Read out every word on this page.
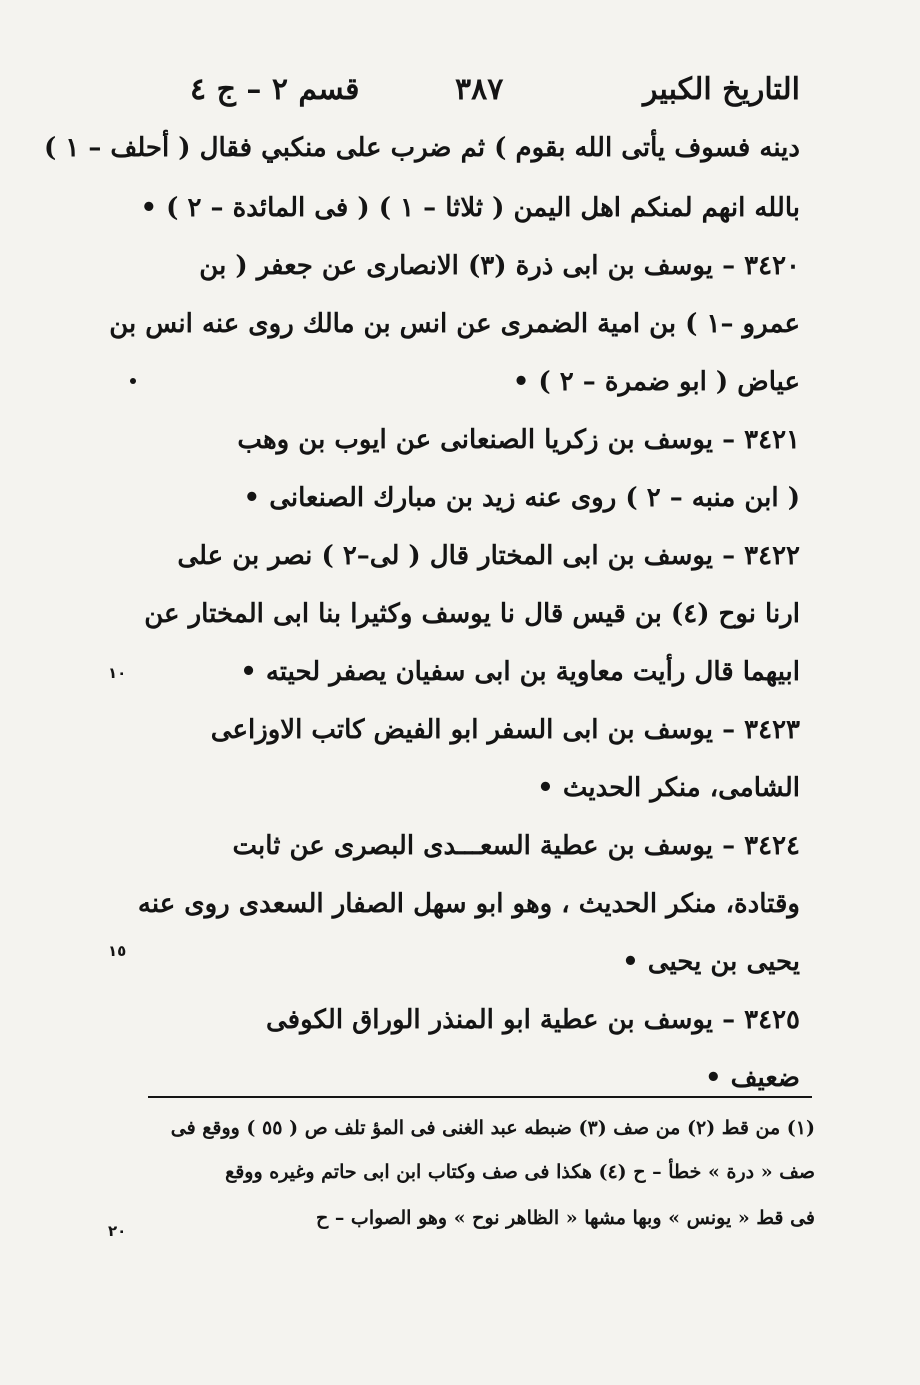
التاريخ الكبير
٣٨٧
قسم ٢ – ج ٤
دينه فسوف يأتى الله بقوم ) ثم ضرب على منكبي فقال ( أحلف – ١ )
بالله انهم لمنكم اهل اليمن ( ثلاثا – ١ ) ( فى المائدة – ٢ ) •
٣٤٢٠ – يوسف بن ابى ذرة (٣) الانصارى عن جعفر ( بن
عمرو –١ ) بن امية الضمرى عن انس بن مالك روى عنه انس بن
عياض ( ابو ضمرة – ٢ ) •
٣٤٢١ – يوسف بن زكريا الصنعانى عن ايوب بن وهب
( ابن منبه – ٢ ) روى عنه زيد بن مبارك الصنعانى •
٣٤٢٢ – يوسف بن ابى المختار قال ( لى–٢ ) نصر بن على
ارنا نوح (٤) بن قيس قال نا يوسف وكثيرا بنا ابى المختار عن
ابيهما قال رأيت معاوية بن ابى سفيان يصفر لحيته •
٣٤٢٣ – يوسف بن ابى السفر ابو الفيض كاتب الاوزاعى
الشامى، منكر الحديث •
٣٤٢٤ – يوسف بن عطية السعـــدى البصرى عن ثابت
وقتادة، منكر الحديث ، وهو ابو سهل الصفار السعدى روى عنه
يحيى بن يحيى •
٣٤٢٥ – يوسف بن عطية ابو المنذر الوراق الكوفى
ضعيف •
١٠
١٥
٢٠
(١) من قط (٢) من صف (٣) ضبطه عبد الغنى فى المؤ تلف ص ( ٥٥ ) ووقع فى
صف « درة » خطأ – ح (٤) هكذا فى صف وكتاب ابن ابى حاتم وغيره ووقع
فى قط « يونس » وبها مشها « الظاهر نوح » وهو الصواب – ح
